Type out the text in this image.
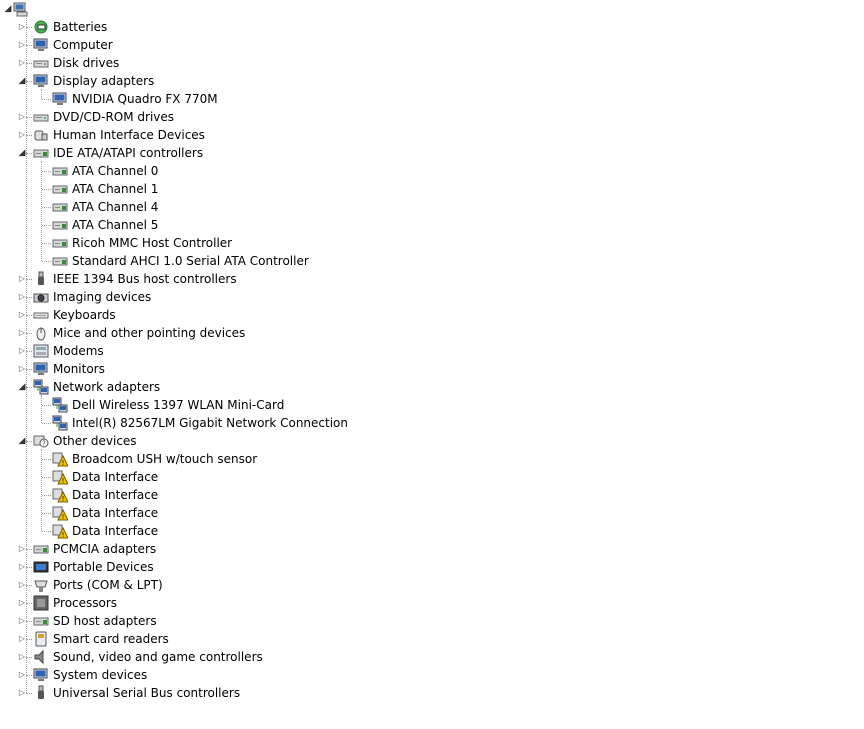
◢
▷ Batteries
▷ Computer
▷ Disk drives
◢ Display adapters
NVIDIA Quadro FX 770M
▷ DVD/CD-ROM drives
▷ Human Interface Devices
◢ IDE ATA/ATAPI controllers
ATA Channel 0
ATA Channel 1
ATA Channel 4
ATA Channel 5
Ricoh MMC Host Controller
Standard AHCI 1.0 Serial ATA Controller
▷ IEEE 1394 Bus host controllers
▷ Imaging devices
▷ Keyboards
▷ Mice and other pointing devices
▷ Modems
▷ Monitors
◢ Network adapters
Dell Wireless 1397 WLAN Mini-Card
Intel(R) 82567LM Gigabit Network Connection
◢ ? Other devices
! Broadcom USH w/touch sensor
! Data Interface
! Data Interface
! Data Interface
! Data Interface
▷ PCMCIA adapters
▷ Portable Devices
▷ Ports (COM & LPT)
▷ Processors
▷ SD host adapters
▷ Smart card readers
▷ Sound, video and game controllers
▷ System devices
▷ Universal Serial Bus controllers
